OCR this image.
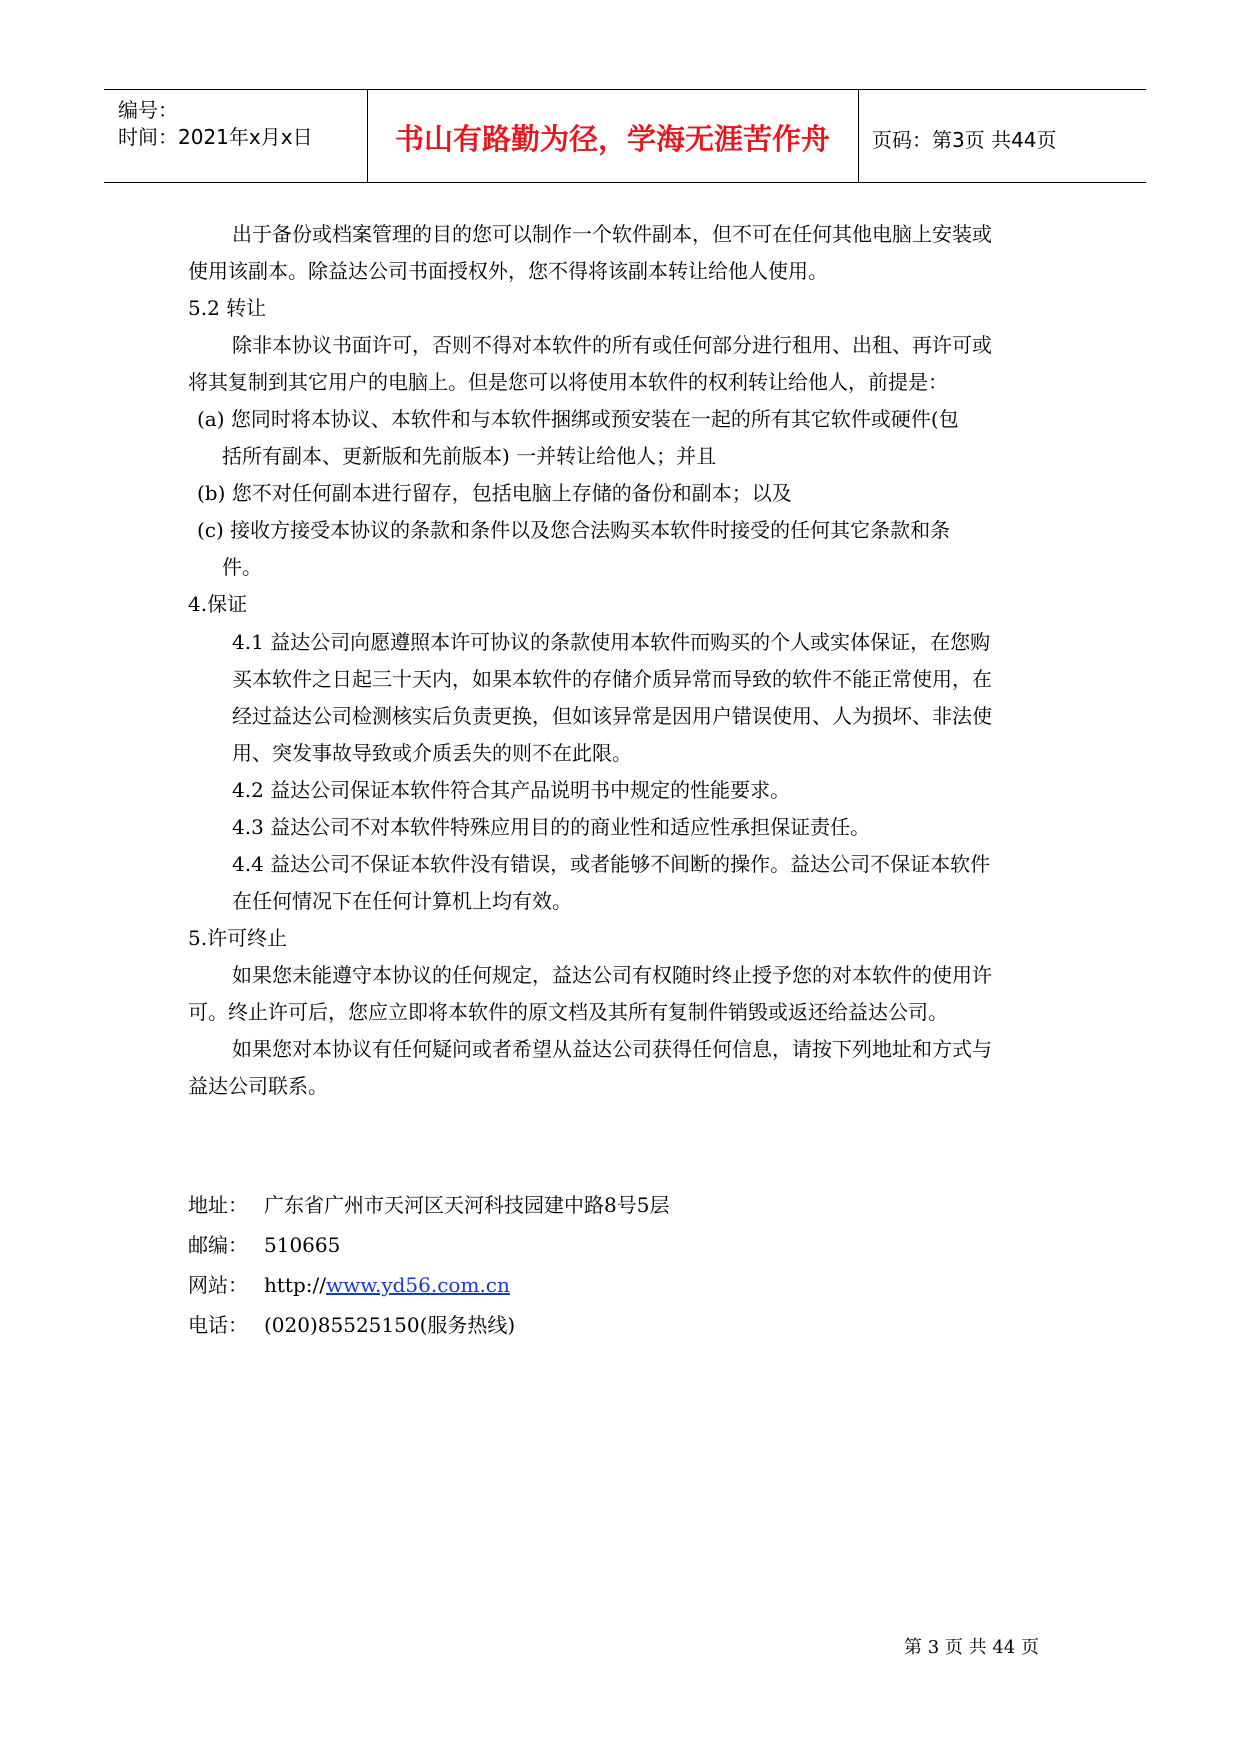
编号：
时间：2021年x月x日	书山有路勤为径，学海无涯苦作舟	页码：第3页 共44页
出于备份或档案管理的目的您可以制作一个软件副本，但不可在任何其他电脑上安装或
使用该副本。除益达公司书面授权外，您不得将该副本转让给他人使用。
5.2 转让
除非本协议书面许可，否则不得对本软件的所有或任何部分进行租用、出租、再许可或
将其复制到其它用户的电脑上。但是您可以将使用本软件的权利转让给他人，前提是：
(a) 您同时将本协议、本软件和与本软件捆绑或预安装在一起的所有其它软件或硬件(包
括所有副本、更新版和先前版本) 一并转让给他人；并且
(b) 您不对任何副本进行留存，包括电脑上存储的备份和副本；以及
(c) 接收方接受本协议的条款和条件以及您合法购买本软件时接受的任何其它条款和条
件。
4.保证
4.1 益达公司向愿遵照本许可协议的条款使用本软件而购买的个人或实体保证，在您购
买本软件之日起三十天内，如果本软件的存储介质异常而导致的软件不能正常使用，在
经过益达公司检测核实后负责更换，但如该异常是因用户错误使用、人为损坏、非法使
用、突发事故导致或介质丢失的则不在此限。
4.2 益达公司保证本软件符合其产品说明书中规定的性能要求。
4.3 益达公司不对本软件特殊应用目的的商业性和适应性承担保证责任。
4.4 益达公司不保证本软件没有错误，或者能够不间断的操作。益达公司不保证本软件
在任何情况下在任何计算机上均有效。
5.许可终止
如果您未能遵守本协议的任何规定，益达公司有权随时终止授予您的对本软件的使用许
可。终止许可后，您应立即将本软件的原文档及其所有复制件销毁或返还给益达公司。
如果您对本协议有任何疑问或者希望从益达公司获得任何信息，请按下列地址和方式与
益达公司联系。
地址： 广东省广州市天河区天河科技园建中路8号5层
邮编： 510665
网站： http://www.yd56.com.cn
电话： (020)85525150(服务热线)
第 3 页 共 44 页
